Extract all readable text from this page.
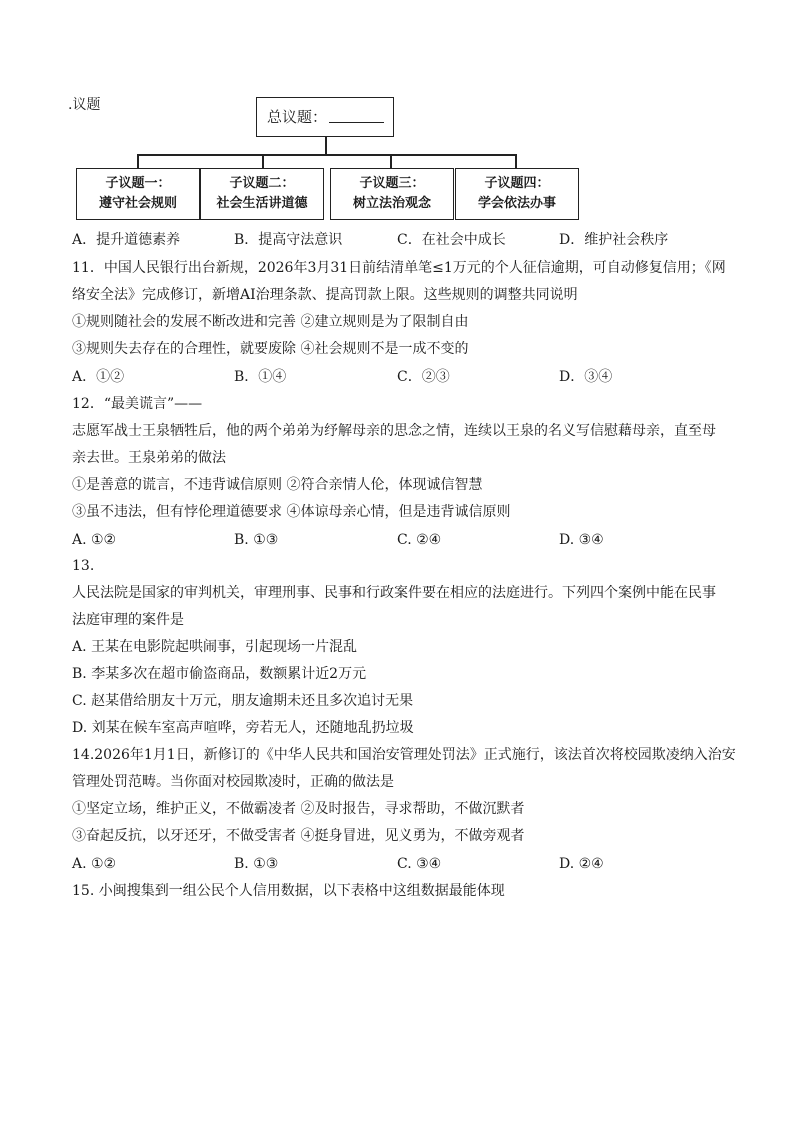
.议题
总议题：
子议题一：
遵守社会规则
子议题二：
社会生活讲道德
子议题三：
树立法治观念
子议题四：
学会依法办事
A．提升道德素养	B．提高守法意识	C．在社会中成长	D．维护社会秩序
11．中国人民银行出台新规，2026年3月31日前结清单笔≤1万元的个人征信逾期，可自动修复信用；《网
络安全法》完成修订，新增AI治理条款、提高罚款上限。这些规则的调整共同说明
①规则随社会的发展不断改进和完善 ②建立规则是为了限制自由
③规则失去存在的合理性，就要废除 ④社会规则不是一成不变的
A．①②	B．①④	C．②③	D．③④
12．“最美谎言”——
志愿军战士王泉牺牲后，他的两个弟弟为纾解母亲的思念之情，连续以王泉的名义写信慰藉母亲，直至母
亲去世。王泉弟弟的做法
①是善意的谎言，不违背诚信原则 ②符合亲情人伦，体现诚信智慧
③虽不违法，但有悖伦理道德要求 ④体谅母亲心情，但是违背诚信原则
A. ①②	B. ①③	C. ②④	D. ③④
13.
人民法院是国家的审判机关，审理刑事、民事和行政案件要在相应的法庭进行。下列四个案例中能在民事
法庭审理的案件是
A. 王某在电影院起哄闹事，引起现场一片混乱
B. 李某多次在超市偷盗商品，数额累计近2万元
C. 赵某借给朋友十万元，朋友逾期未还且多次追讨无果
D. 刘某在候车室高声喧哗，旁若无人，还随地乱扔垃圾
14.2026年1月1日，新修订的《中华人民共和国治安管理处罚法》正式施行，该法首次将校园欺凌纳入治安
管理处罚范畴。当你面对校园欺凌时，正确的做法是
①坚定立场，维护正义，不做霸凌者 ②及时报告，寻求帮助，不做沉默者
③奋起反抗，以牙还牙，不做受害者 ④挺身冒进，见义勇为，不做旁观者
A. ①②	B. ①③	C. ③④	D. ②④
15. 小闽搜集到一组公民个人信用数据，以下表格中这组数据最能体现
